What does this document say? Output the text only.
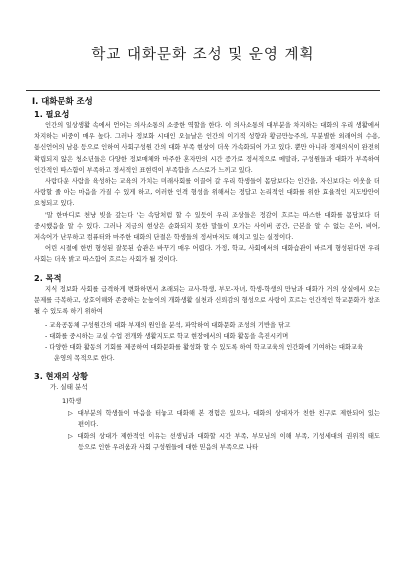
학교 대화문화 조성 및 운영 계획
Ⅰ. 대화문화 조성
1. 필요성

인간의 일상생활 속에서 언어는 의사소통의 소중한 역할을 한다. 이 의사소통의 대부분을 차지하는 대화의 우리 생활에서 차지하는 비중이 매우 높다. 그러나 정보화 시대인 오늘날은 인간의 이기적 성향과 황금만능주의, 무분별한 외래어의 수용, 통신언어의 남용 등으로 인하여 사회구성원 간의 대화 부족 현상이 더욱 가속화되어 가고 있다. 뿐만 아니라 경제의식이 완전히 확립되지 않은 청소년들은 다양한 정보매체와 마주한 혼자만의 시간 증가로 정서적으로 메말라, 구성원들과 대화가 부족하여 인간적인 따스함이 부족하고 정서적인 표현력이 부족함을 스스로가 느끼고 있다.

사람다운 사람을 육성하는 교육의 가치는 미래사회를 이끌어 갈 우리 학생들이 몸담보다는 인간을, 자신보다는 이웃을 더 사랑할 줄 아는 마음을 가질 수 있게 하고, 이러한 인격 형성을 위해서는 정답고 논리적인 대화를 위한 효율적인 지도방안이 요청되고 있다.

'말 한마디로 천냥 빚을 갚는다 '는 속담처럼 할 수 있듯이 우리 조상들은 정감이 흐르는 따스한 대화를 몸담보다 더 중시했음을 알 수 있다. 그러나 지금의 현상은 순화되지 못한 말들이 오가는 사이버 공간, 근본을 알 수 없는 은어, 비어, 저속어가 난무하고 컴퓨터와 마주한 대화의 단절은 학생들의 정서마저도 해치고 있는 실정이다.

어린 시절에 한번 형성된 잘못된 습관은 바꾸기 매우 어렵다. 가정, 학교, 사회에서의 대화습관이 바르게 형성된다면 우리 사회는 더욱 밝고 따스함이 흐르는 사회가 될 것이다.

2. 목적

지식 정보화 사회를 급격하게 변화하면서 초래되는 교사-학생, 부모-자녀, 학생-학생의 만남과 대화가 거의 상실에서 오는 문제를 극복하고, 상호이해와 존중하는 눈높이의 개화생활 실천과 신뢰감의 형성으로 사랑이 흐르는 인간적인 학교문화가 창조 될 수 있도록 하기 위하여

- 교육공동체 구성원간의 대화 부재의 원인을 분석, 파악하여 대화문화 조성의 기반을 닦고
- 대화를 중시하는 교실 수업 전개와 생활지도로 학교 현장에서의 대화 활동을 촉진시키며
- 다양한 대화 활동의 기회를 제공하여 대화문화를 활성화 할 수 있도록 하여 학교교육의 인간화에 기여하는 대화교육 운영의 목적으로 한다.
3. 현재의 상황
가. 실태 분석
1)학생
▷ 대부분의 학생들이 마음을 터놓고 대화해 본 경험은 있으나, 대화의 상대자가 친한 친구로 제한되어 있는 편이다.
▷ 대화의 상대가 제한적인 이유는 선생님과 대화할 시간 부족, 부모님의 이해 부족, 기성세대의 권위적 태도 등으로 인한 우려움과 사회 구성원들에 대한 믿음의 부족으로 나타
